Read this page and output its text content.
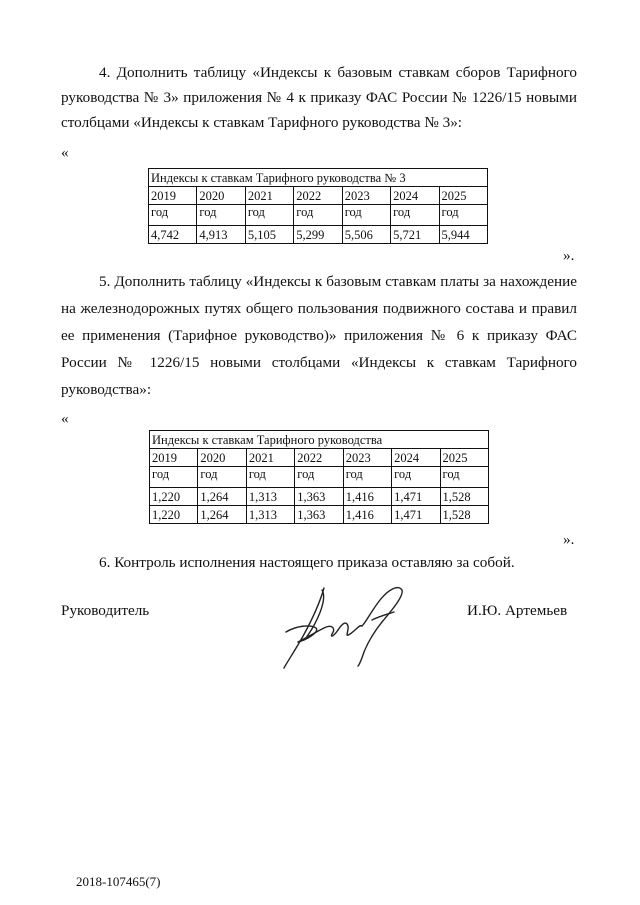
4. Дополнить таблицу «Индексы к базовым ставкам сборов Тарифного
руководства № 3» приложения № 4 к приказу ФАС России № 1226/15 новыми
столбцами «Индексы к ставкам Тарифного руководства № 3»:
«
Индексы к ставкам Тарифного руководства № 3						
2019	2020	2021	2022	2023	2024	2025
год	год	год	год	год	год	год
4,742	4,913	5,105	5,299	5,506	5,721	5,944
».
5. Дополнить таблицу «Индексы к базовым ставкам платы за нахождение
на железнодорожных путях общего пользования подвижного состава и правил
ее применения (Тарифное руководство)» приложения № 6 к приказу ФАС
России № 1226/15 новыми столбцами «Индексы к ставкам Тарифного
руководства»:
«
Индексы к ставкам Тарифного руководства						
2019	2020	2021	2022	2023	2024	2025
год	год	год	год	год	год	год
1,220	1,264	1,313	1,363	1,416	1,471	1,528
1,220	1,264	1,313	1,363	1,416	1,471	1,528
».
6. Контроль исполнения настоящего приказа оставляю за собой.
Руководитель	И.Ю. Артемьев
2018-107465(7)
